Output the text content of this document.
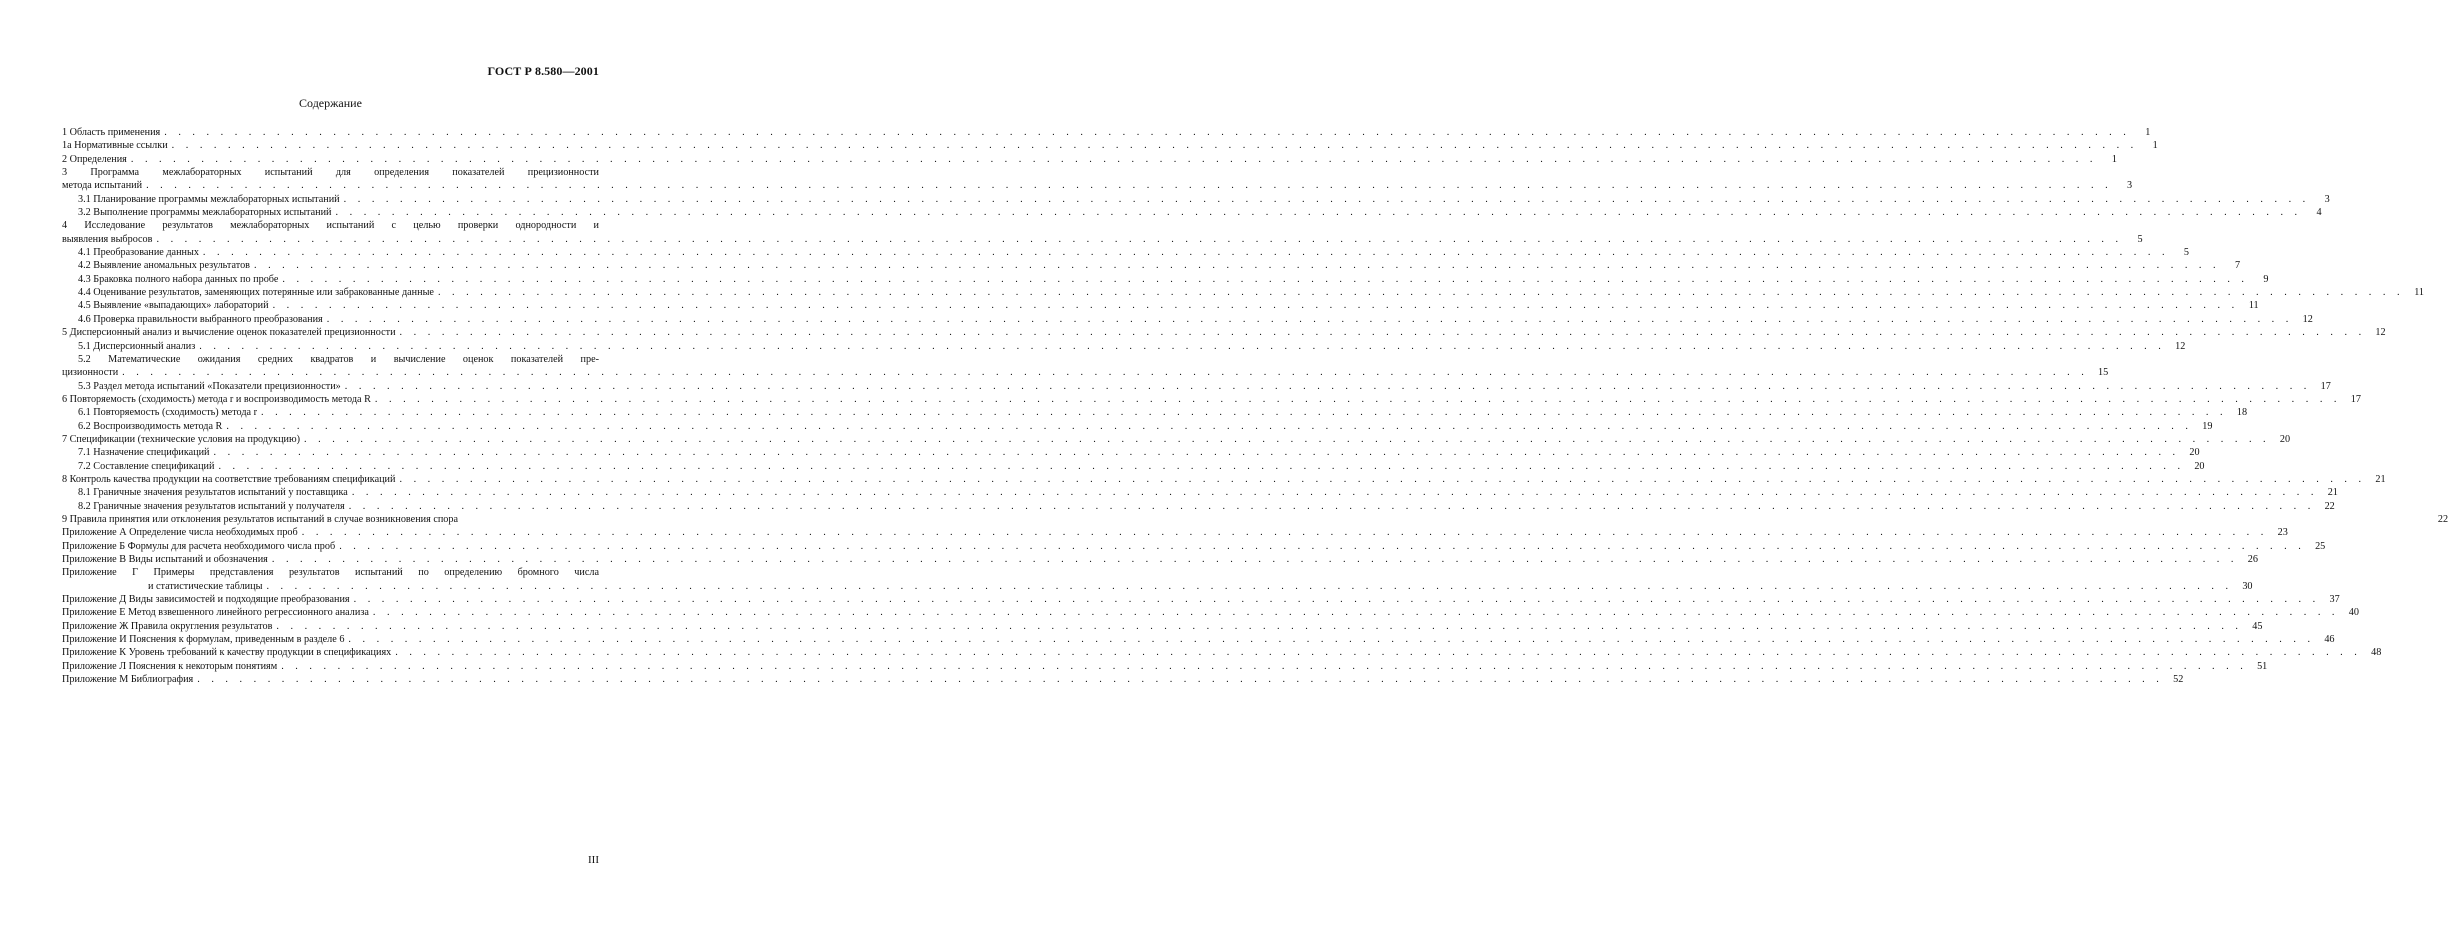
ГОСТ Р 8.580—2001
Содержание
1 Область применения . . .	1
1а Нормативные ссылки . . .	1
2 Определения . . .	1
3 Программа межлабораторных испытаний для определения показателей прецизионности
метода испытаний . . .	3
3.1 Планирование программы межлабораторных испытаний . . .	3
3.2 Выполнение программы межлабораторных испытаний . . .	4
4 Исследование результатов межлабораторных испытаний с целью проверки однородности и
выявления выбросов . . .	5
4.1 Преобразование данных . . .	5
4.2 Выявление аномальных результатов . . .	7
4.3 Браковка полного набора данных по пробе . . .	9
4.4 Оценивание результатов, заменяющих потерянные или забракованные данные . . .	11
4.5 Выявление «выпадающих» лабораторий . . .	11
4.6 Проверка правильности выбранного преобразования . . .	12
5 Дисперсионный анализ и вычисление оценок показателей прецизионности . . .	12
5.1 Дисперсионный анализ . . .	12
5.2 Математические ожидания средних квадратов и вычисление оценок показателей пре-
цизионности . . .	15
5.3 Раздел метода испытаний «Показатели прецизионности» . . .	17
6 Повторяемость (сходимость) метода r и воспроизводимость метода R . . .	17
6.1 Повторяемость (сходимость) метода r . . .	18
6.2 Воспроизводимость метода R . . .	19
7 Спецификации (технические условия на продукцию) . . .	20
7.1 Назначение спецификаций . . .	20
7.2 Составление спецификаций . . .	20
8 Контроль качества продукции на соответствие требованиям спецификаций . . .	21
8.1 Граничные значения результатов испытаний у поставщика . . .	21
8.2 Граничные значения результатов испытаний у получателя . . .	22
9 Правила принятия или отклонения результатов испытаний в случае возникновения спора	22
Приложение А Определение числа необходимых проб . . .	23
Приложение Б Формулы для расчета необходимого числа проб . . .	25
Приложение В Виды испытаний и обозначения . . .	26
Приложение Г Примеры представления результатов испытаний по определению бромного числа
и статистические таблицы . . .	30
Приложение Д Виды зависимостей и подходящие преобразования . . .	37
Приложение Е Метод взвешенного линейного регрессионного анализа . . .	40
Приложение Ж Правила округления результатов . . .	45
Приложение И Пояснения к формулам, приведенным в разделе 6 . . .	46
Приложение К Уровень требований к качеству продукции в спецификациях . . .	48
Приложение Л Пояснения к некоторым понятиям . . .	51
Приложение М Библиография . . .	52
III
